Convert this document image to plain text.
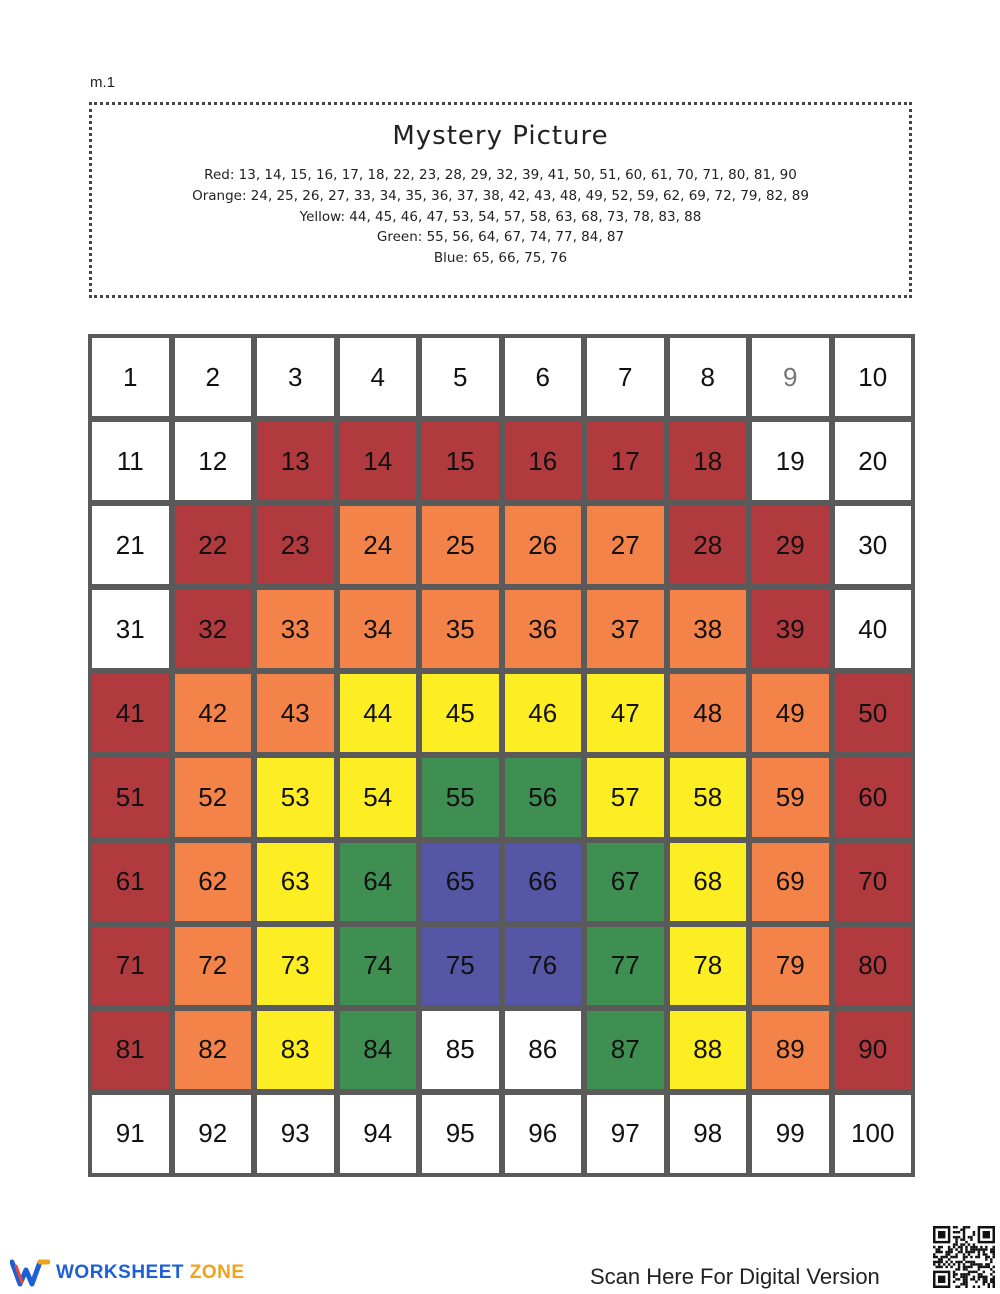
m.1
Mystery Picture
Red: 13, 14, 15, 16, 17, 18, 22, 23, 28, 29, 32, 39, 41, 50, 51, 60, 61, 70, 71, 80, 81, 90
Orange: 24, 25, 26, 27, 33, 34, 35, 36, 37, 38, 42, 43, 48, 49, 52, 59, 62, 69, 72, 79, 82, 89
Yellow: 44, 45, 46, 47, 53, 54, 57, 58, 63, 68, 73, 78, 83, 88
Green: 55, 56, 64, 67, 74, 77, 84, 87
Blue: 65, 66, 75, 76
1	2	3	4	5	6	7	8	9	10
11	12	13	14	15	16	17	18	19	20
21	22	23	24	25	26	27	28	29	30
31	32	33	34	35	36	37	38	39	40
41	42	43	44	45	46	47	48	49	50
51	52	53	54	55	56	57	58	59	60
61	62	63	64	65	66	67	68	69	70
71	72	73	74	75	76	77	78	79	80
81	82	83	84	85	86	87	88	89	90
91	92	93	94	95	96	97	98	99	100
WORKSHEET ZONE	Scan Here For Digital Version
